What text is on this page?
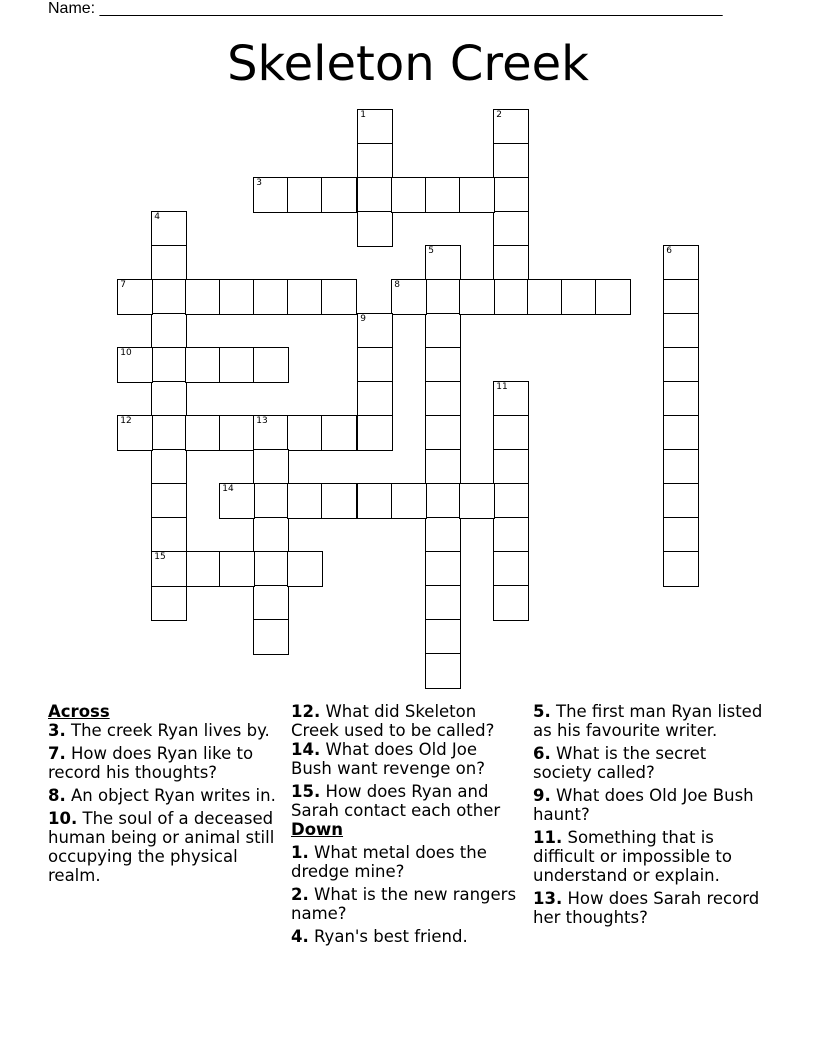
Name: ______________________________________________________________________
Skeleton Creek
1	2
3
4
5	6
7	8
9
10
11
12	13
14
15
Across
3. The creek Ryan lives by.
7. How does Ryan like to record his thoughts?
8. An object Ryan writes in.
10. The soul of a deceased human being or animal still occupying the physical realm.
12. What did Skeleton Creek used to be called?
14. What does Old Joe Bush want revenge on?
15. How does Ryan and Sarah contact each other
Down
1. What metal does the dredge mine?
2. What is the new rangers name?
4. Ryan's best friend.
5. The first man Ryan listed as his favourite writer.
6. What is the secret society called?
9. What does Old Joe Bush haunt?
11. Something that is difficult or impossible to understand or explain.
13. How does Sarah record her thoughts?
